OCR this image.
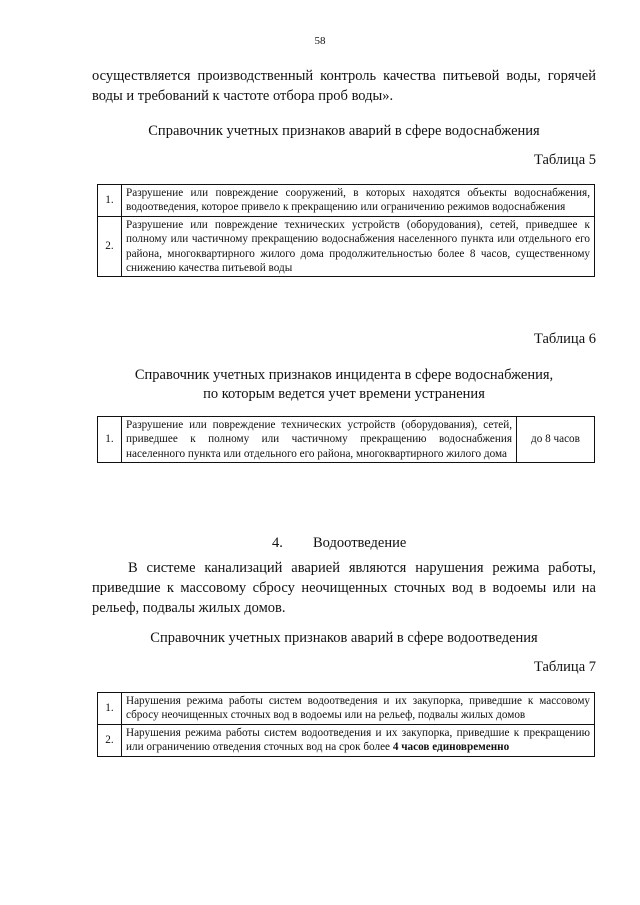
58
осуществляется производственный контроль качества питьевой воды, горячей воды и требований к частоте отбора проб воды».
Справочник учетных признаков аварий в сфере водоснабжения
Таблица 5
1.	Разрушение или повреждение сооружений, в которых находятся объекты водоснабжения, водоотведения, которое привело к прекращению или ограничению режимов водоснабжения
2.	Разрушение или повреждение технических устройств (оборудования), сетей, приведшее к полному или частичному прекращению водоснабжения населенного пункта или отдельного его района, многоквартирного жилого дома продолжительностью более 8 часов, существенному снижению качества питьевой воды
Таблица 6
Справочник учетных признаков инцидента в сфере водоснабжения,
по которым ведется учет времени устранения
1.	Разрушение или повреждение технических устройств (оборудования), сетей, приведшее к полному или частичному прекращению водоснабжения населенного пункта или отдельного его района, многоквартирного жилого дома	до 8 часов
4. Водоотведение
В системе канализаций аварией являются нарушения режима работы, приведшие к массовому сбросу неочищенных сточных вод в водоемы или на рельеф, подвалы жилых домов.
Справочник учетных признаков аварий в сфере водоотведения
Таблица 7
1.	Нарушения режима работы систем водоотведения и их закупорка, приведшие к массовому сбросу неочищенных сточных вод в водоемы или на рельеф, подвалы жилых домов
2.	Нарушения режима работы систем водоотведения и их закупорка, приведшие к прекращению или ограничению отведения сточных вод на срок более 4 часов единовременно
